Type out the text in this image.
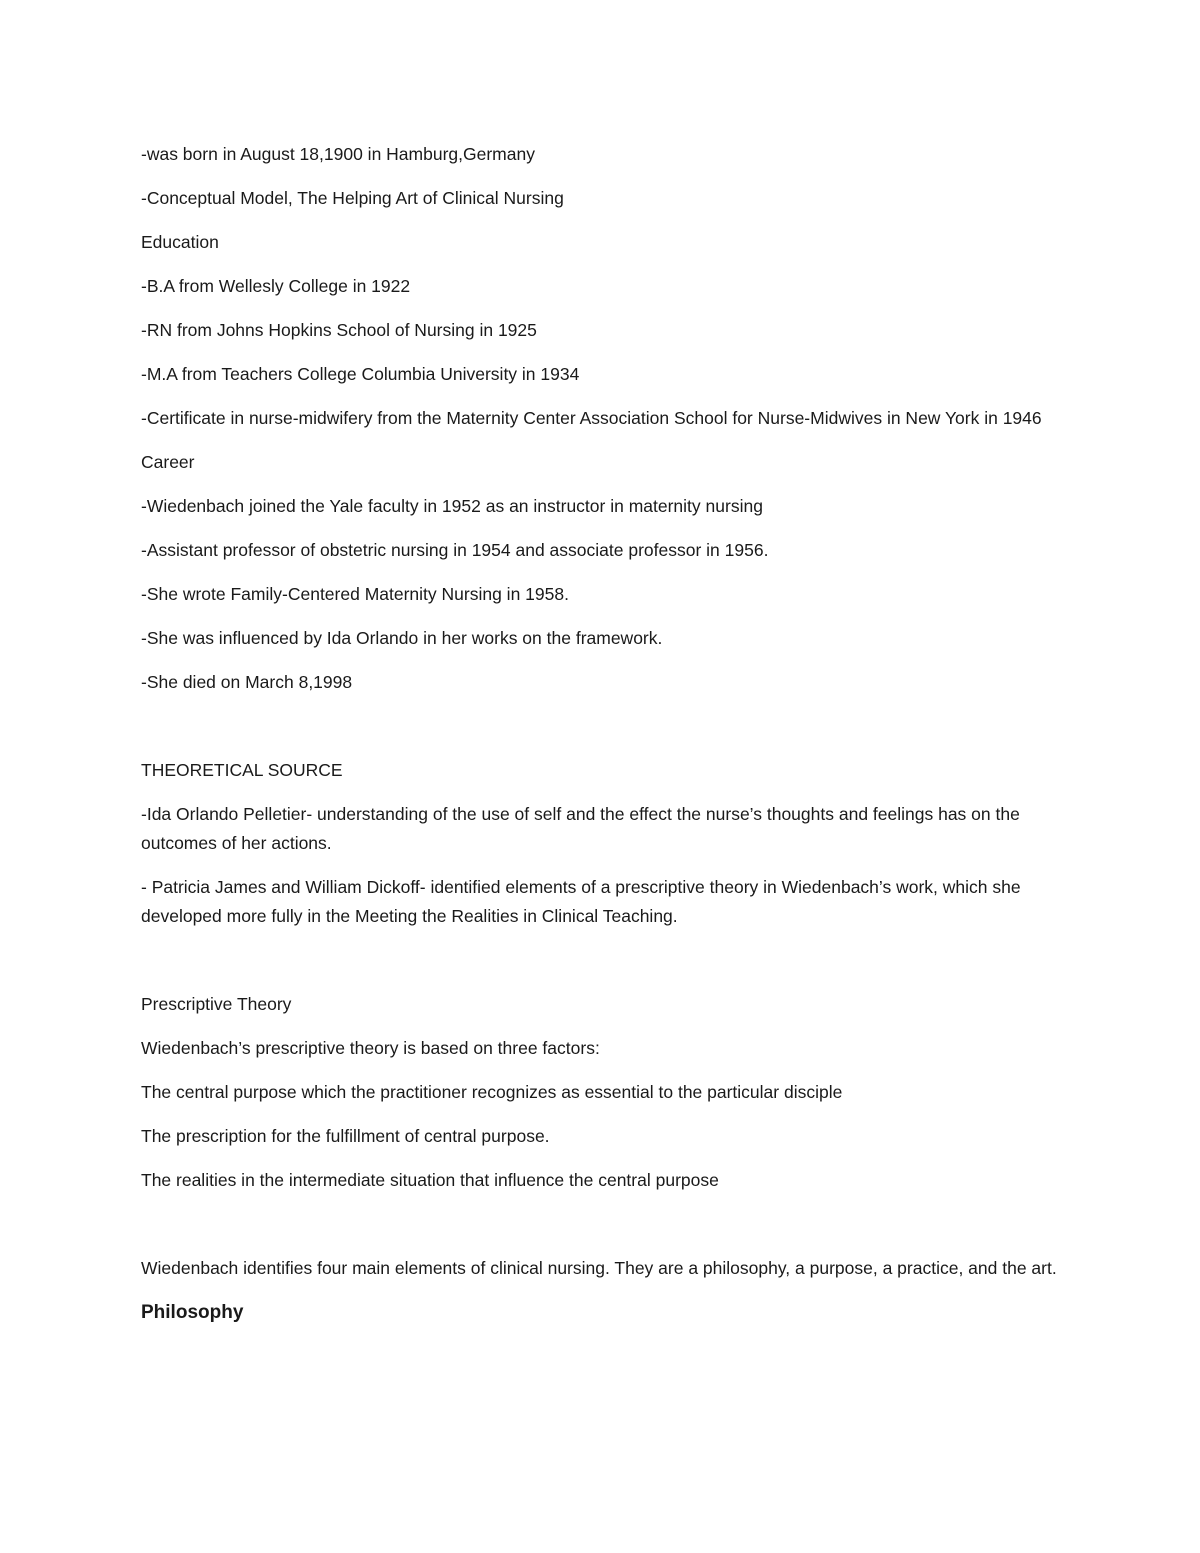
-was born in August 18,1900 in Hamburg,Germany

-Conceptual Model, The Helping Art of Clinical Nursing

Education

-B.A from Wellesly College in 1922

-RN from Johns Hopkins School of Nursing in 1925

-M.A from Teachers College Columbia University in 1934

-Certificate in nurse-midwifery from the Maternity Center Association School for Nurse-Midwives in New York in 1946

Career

-Wiedenbach joined the Yale faculty in 1952 as an instructor in maternity nursing

-Assistant professor of obstetric nursing in 1954 and associate professor in 1956.

-She wrote Family-Centered Maternity Nursing in 1958.

-She was influenced by Ida Orlando in her works on the framework.

-She died on March 8,1998

THEORETICAL SOURCE

-Ida Orlando Pelletier- understanding of the use of self and the effect the nurse’s thoughts and feelings has on the outcomes of her actions.

- Patricia James and William Dickoff- identified elements of a prescriptive theory in Wiedenbach’s work, which she developed more fully in the Meeting the Realities in Clinical Teaching.

Prescriptive Theory

Wiedenbach’s prescriptive theory is based on three factors:

The central purpose which the practitioner recognizes as essential to the particular disciple

The prescription for the fulfillment of central purpose.

The realities in the intermediate situation that influence the central purpose

Wiedenbach identifies four main elements of clinical nursing. They are a philosophy, a purpose, a practice, and the art.

Philosophy
